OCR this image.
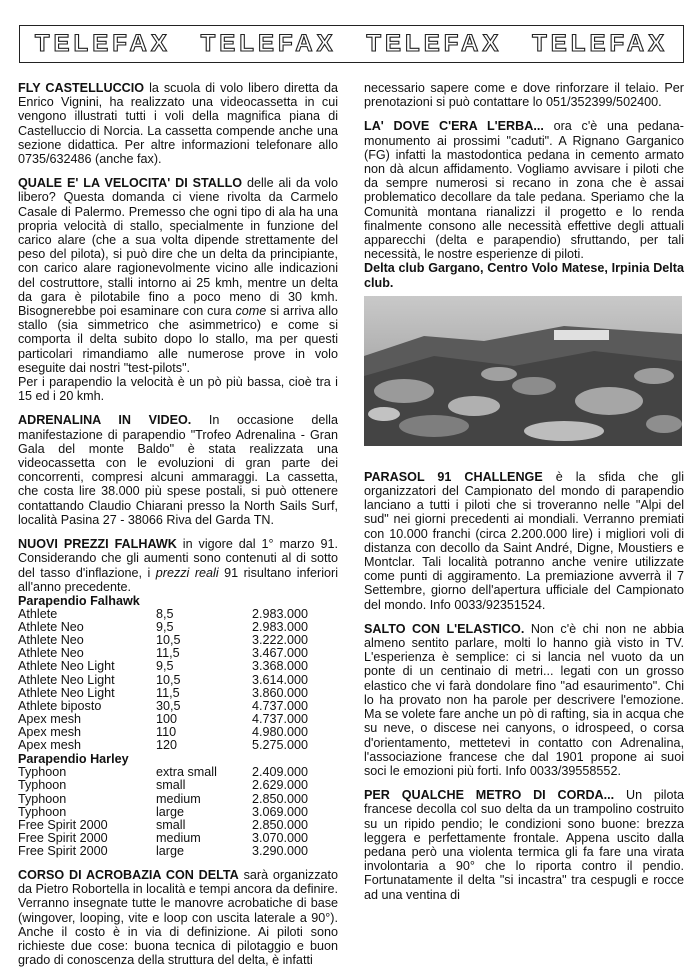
TELEFAX TELEFAX TELEFAX TELEFAX

FLY CASTELLUCCIO la scuola di volo libero diretta da Enrico Vignini, ha realizzato una videocassetta in cui vengono illustrati tutti i voli della magnifica piana di Castelluccio di Norcia. La cassetta compende anche una sezione didattica. Per altre informazioni telefonare allo 0735/632486 (anche fax).

QUALE E' LA VELOCITA' DI STALLO delle ali da volo libero? Questa domanda ci viene rivolta da Carmelo Casale di Palermo. Premesso che ogni tipo di ala ha una propria velocità di stallo, specialmente in funzione del carico alare (che a sua volta dipende strettamente del peso del pilota), si può dire che un delta da principiante, con carico alare ragionevolmente vicino alle indicazioni del costruttore, stalli intorno ai 25 kmh, mentre un delta da gara è pilotabile fino a poco meno di 30 kmh. Bisognerebbe poi esaminare con cura come si arriva allo stallo (sia simmetrico che asimmetrico) e come si comporta il delta subito dopo lo stallo, ma per questi particolari rimandiamo alle numerose prove in volo eseguite dai nostri "test-pilots".

Per i parapendio la velocità è un pò più bassa, cioè tra i 15 ed i 20 kmh.

ADRENALINA IN VIDEO. In occasione della manifestazione di parapendio "Trofeo Adrenalina - Gran Gala del monte Baldo" è stata realizzata una videocassetta con le evoluzioni di gran parte dei concorrenti, compresi alcuni ammaraggi. La cassetta, che costa lire 38.000 più spese postali, si può ottenere contattando Claudio Chiarani presso la North Sails Surf, località Pasina 27 - 38066 Riva del Garda TN.

NUOVI PREZZI FALHAWK in vigore dal 1° marzo 91. Considerando che gli aumenti sono contenuti al di sotto del tasso d'inflazione, i prezzi reali 91 risultano inferiori all'anno precedente.

Parapendio Falhawk
Athlete	8,5	2.983.000
Athlete Neo	9,5	2.983.000
Athlete Neo	10,5	3.222.000
Athlete Neo	11,5	3.467.000
Athlete Neo Light	9,5	3.368.000
Athlete Neo Light	10,5	3.614.000
Athlete Neo Light	11,5	3.860.000
Athlete biposto	30,5	4.737.000
Apex mesh	100	4.737.000
Apex mesh	110	4.980.000
Apex mesh	120	5.275.000
Parapendio Harley
Typhoon	extra small	2.409.000
Typhoon	small	2.629.000
Typhoon	medium	2.850.000
Typhoon	large	3.069.000
Free Spirit 2000	small	2.850.000
Free Spirit 2000	medium	3.070.000
Free Spirit 2000	large	3.290.000

CORSO DI ACROBAZIA CON DELTA sarà organizzato da Pietro Robortella in località e tempi ancora da definire. Verranno insegnate tutte le manovre acrobatiche di base (wingover, looping, vite e loop con uscita laterale a 90°). Anche il costo è in via di definizione. Ai piloti sono richieste due cose: buona tecnica di pilotaggio e buon grado di conoscenza della struttura del delta, è infatti

necessario sapere come e dove rinforzare il telaio. Per prenotazioni si può contattare lo 051/352399/502400.

LA' DOVE C'ERA L'ERBA... ora c'è una pedana-monumento ai prossimi "caduti". A Rignano Garganico (FG) infatti la mastodontica pedana in cemento armato non dà alcun affidamento. Vogliamo avvisare i piloti che da sempre numerosi si recano in zona che è assai problematico decollare da tale pedana. Speriamo che la Comunità montana rianalizzi il progetto e lo renda finalmente consono alle necessità effettive degli attuali apparecchi (delta e parapendio) sfruttando, per tali necessità, le nostre esperienze di piloti.

Delta club Gargano, Centro Volo Matese, Irpinia Delta club.

PARASOL 91 CHALLENGE è la sfida che gli organizzatori del Campionato del mondo di parapendio lanciano a tutti i piloti che si troveranno nelle "Alpi del sud" nei giorni precedenti ai mondiali. Verranno premiati con 10.000 franchi (circa 2.200.000 lire) i migliori voli di distanza con decollo da Saint André, Digne, Moustiers e Montclar. Tali località potranno anche venire utilizzate come punti di aggiramento. La premiazione avverrà il 7 Settembre, giorno dell'apertura ufficiale del Campionato del mondo. Info 0033/92351524.

SALTO CON L'ELASTICO. Non c'è chi non ne abbia almeno sentito parlare, molti lo hanno già visto in TV. L'esperienza è semplice: ci si lancia nel vuoto da un ponte di un centinaio di metri... legati con un grosso elastico che vi farà dondolare fino "ad esaurimento". Chi lo ha provato non ha parole per descrivere l'emozione. Ma se volete fare anche un pò di rafting, sia in acqua che su neve, o discese nei canyons, o idrospeed, o corsa d'orientamento, mettetevi in contatto con Adrenalina, l'associazione francese che dal 1901 propone ai suoi soci le emozioni più forti. Info 0033/39558552.

PER QUALCHE METRO DI CORDA... Un pilota francese decolla col suo delta da un trampolino costruito su un ripido pendio; le condizioni sono buone: brezza leggera e perfettamente frontale. Appena uscito dalla pedana però una violenta termica gli fa fare una virata involontaria a 90° che lo riporta contro il pendio. Fortunatamente il delta "si incastra" tra cespugli e rocce ad una ventina di
